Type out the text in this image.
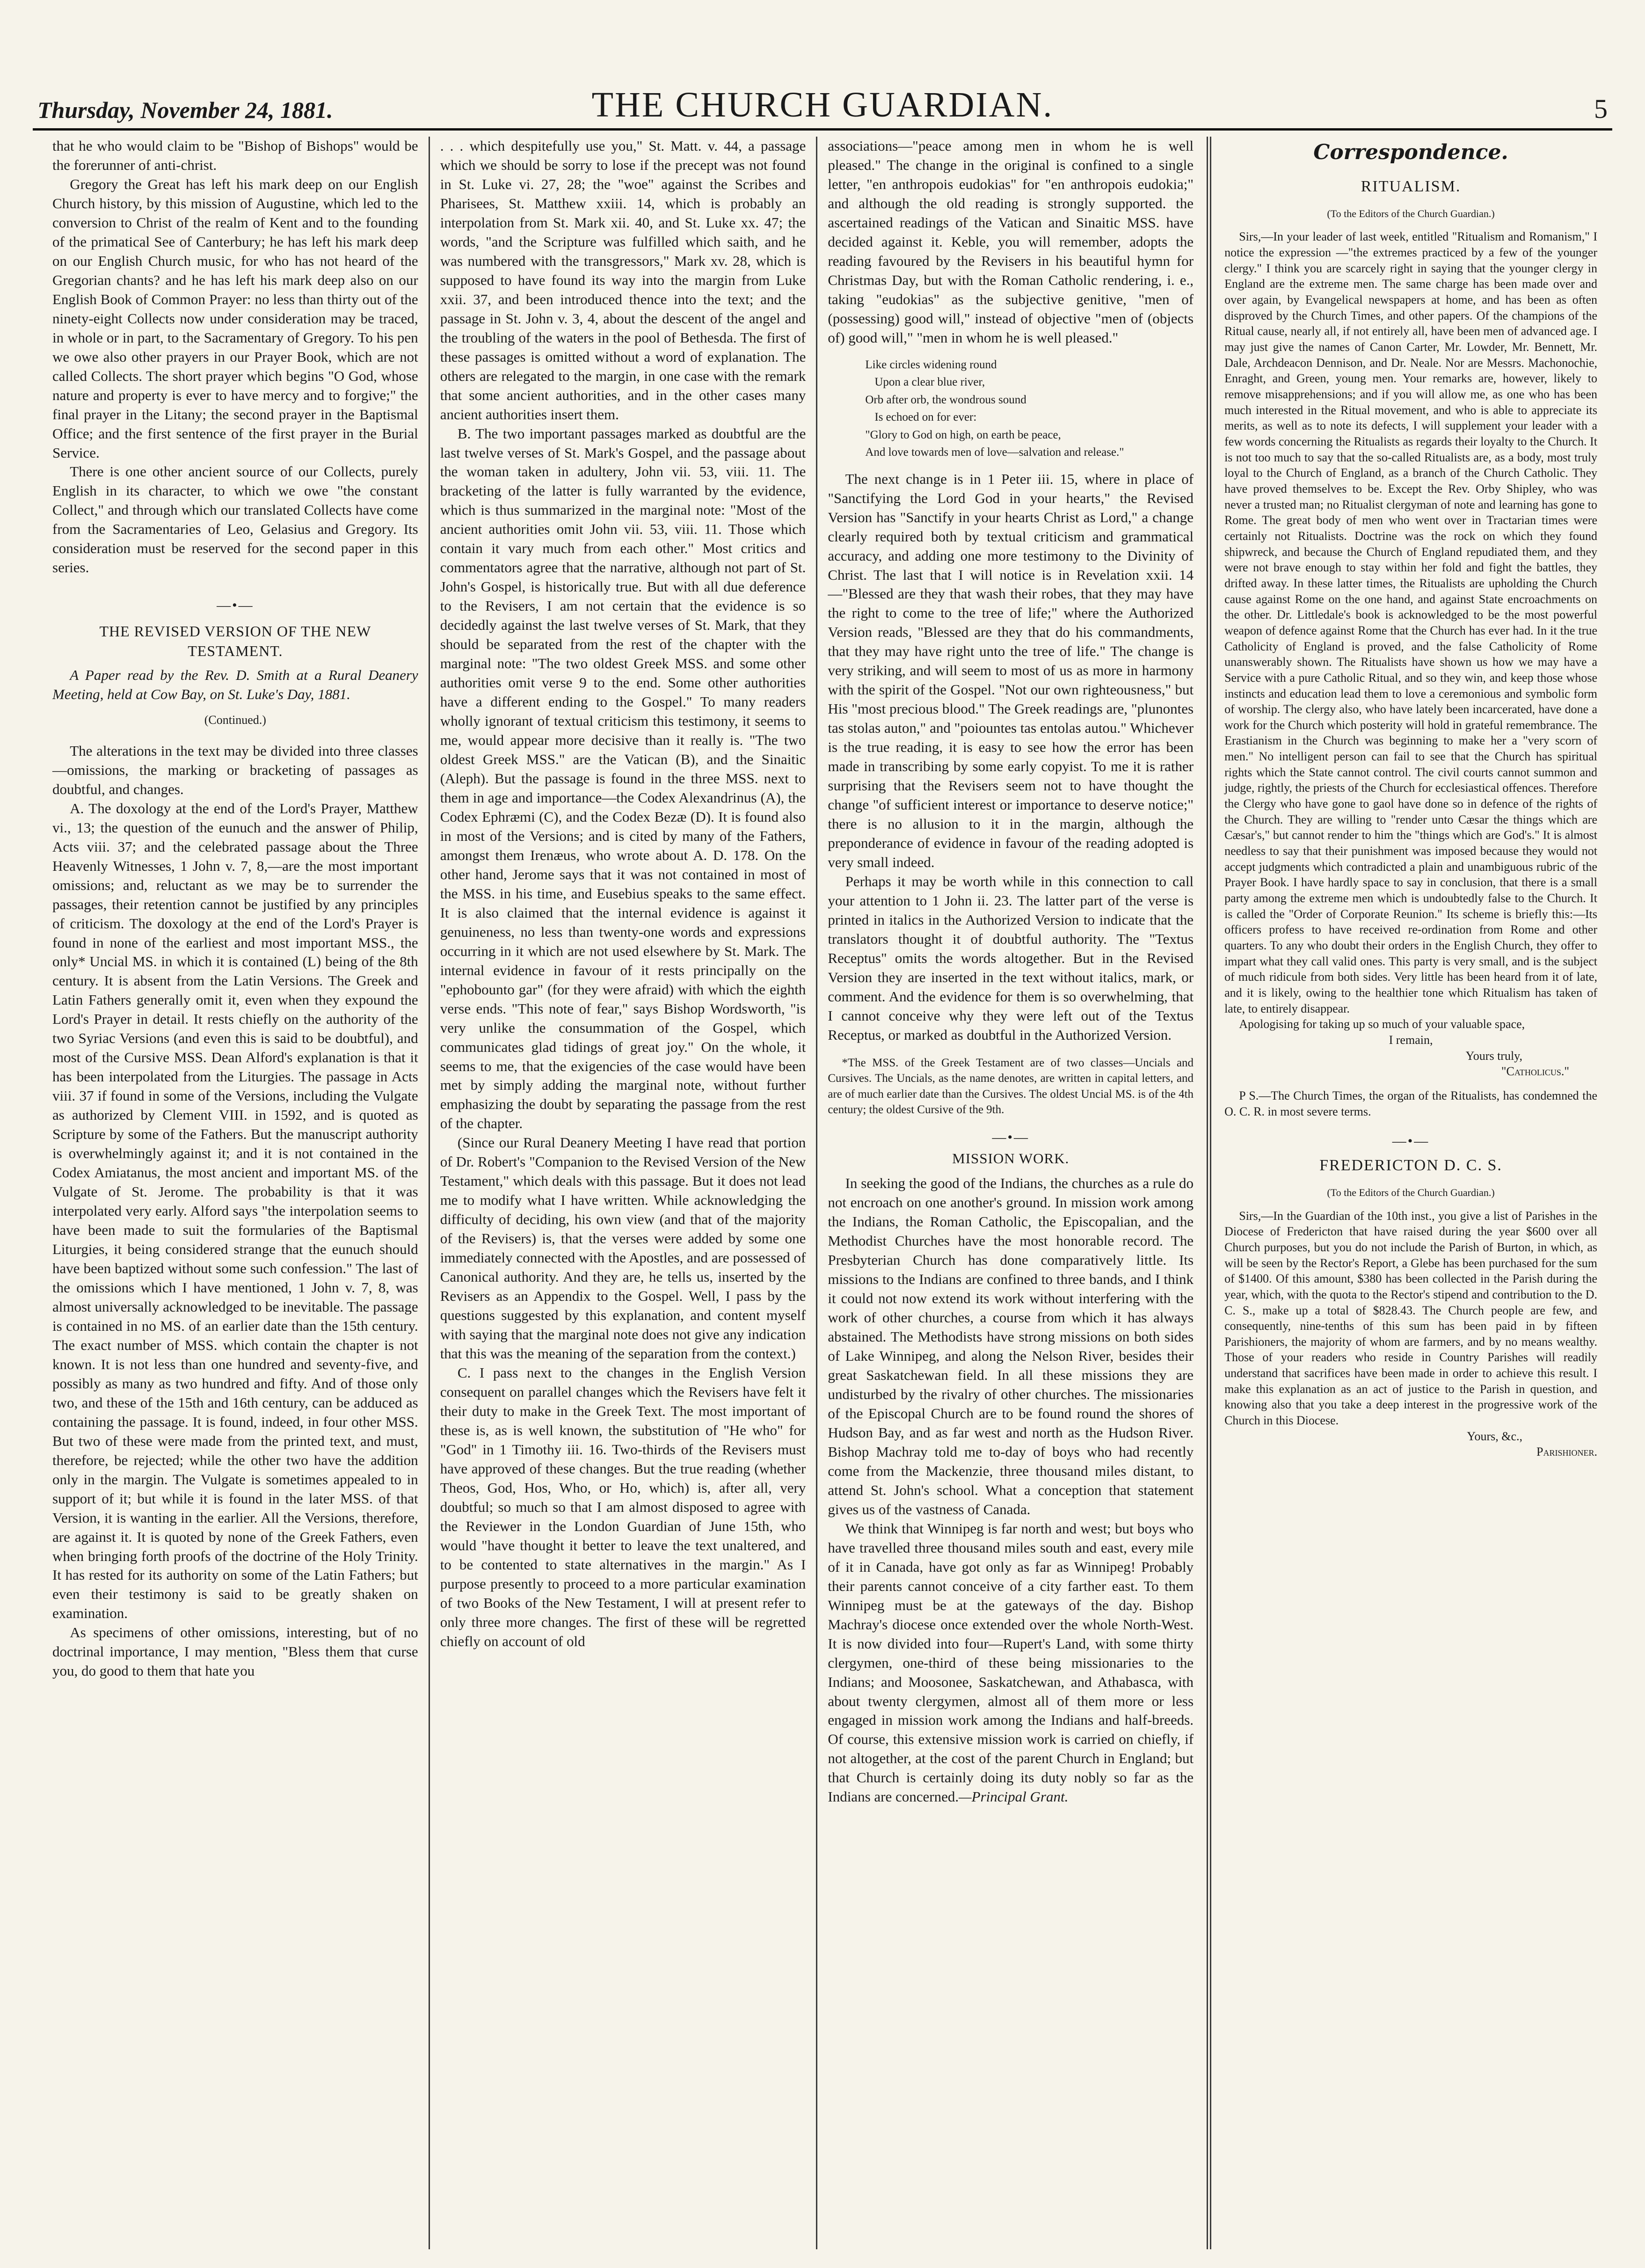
Thursday, November 24, 1881.	THE CHURCH GUARDIAN.	5

that he who would claim to be "Bishop of Bishops" would be the forerunner of anti-christ.

Gregory the Great has left his mark deep on our English Church history, by this mission of Augustine, which led to the conversion to Christ of the realm of Kent and to the founding of the primatical See of Canterbury; he has left his mark deep on our English Church music, for who has not heard of the Gregorian chants? and he has left his mark deep also on our English Book of Common Prayer: no less than thirty out of the ninety-eight Collects now under consideration may be traced, in whole or in part, to the Sacramentary of Gregory. To his pen we owe also other prayers in our Prayer Book, which are not called Collects. The short prayer which begins "O God, whose nature and property is ever to have mercy and to forgive;" the final prayer in the Litany; the second prayer in the Baptismal Office; and the first sentence of the first prayer in the Burial Service.

There is one other ancient source of our Collects, purely English in its character, to which we owe "the constant Collect," and through which our translated Collects have come from the Sacramentaries of Leo, Gelasius and Gregory. Its consideration must be reserved for the second paper in this series.

—•—
THE REVISED VERSION OF THE NEW TESTAMENT.
A Paper read by the Rev. D. Smith at a Rural Deanery Meeting, held at Cow Bay, on St. Luke's Day, 1881.
(Continued.)

The alterations in the text may be divided into three classes—omissions, the marking or bracketing of passages as doubtful, and changes.

A. The doxology at the end of the Lord's Prayer, Matthew vi., 13; the question of the eunuch and the answer of Philip, Acts viii. 37; and the celebrated passage about the Three Heavenly Witnesses, 1 John v. 7, 8,—are the most important omissions; and, reluctant as we may be to surrender the passages, their retention cannot be justified by any principles of criticism. The doxology at the end of the Lord's Prayer is found in none of the earliest and most important MSS., the only* Uncial MS. in which it is contained (L) being of the 8th century. It is absent from the Latin Versions. The Greek and Latin Fathers generally omit it, even when they expound the Lord's Prayer in detail. It rests chiefly on the authority of the two Syriac Versions (and even this is said to be doubtful), and most of the Cursive MSS. Dean Alford's explanation is that it has been interpolated from the Liturgies. The passage in Acts viii. 37 if found in some of the Versions, including the Vulgate as authorized by Clement VIII. in 1592, and is quoted as Scripture by some of the Fathers. But the manuscript authority is overwhelmingly against it; and it is not contained in the Codex Amiatanus, the most ancient and important MS. of the Vulgate of St. Jerome. The probability is that it was interpolated very early. Alford says "the interpolation seems to have been made to suit the formularies of the Baptismal Liturgies, it being considered strange that the eunuch should have been baptized without some such confession." The last of the omissions which I have mentioned, 1 John v. 7, 8, was almost universally acknowledged to be inevitable. The passage is contained in no MS. of an earlier date than the 15th century. The exact number of MSS. which contain the chapter is not known. It is not less than one hundred and seventy-five, and possibly as many as two hundred and fifty. And of those only two, and these of the 15th and 16th century, can be adduced as containing the passage. It is found, indeed, in four other MSS. But two of these were made from the printed text, and must, therefore, be rejected; while the other two have the addition only in the margin. The Vulgate is sometimes appealed to in support of it; but while it is found in the later MSS. of that Version, it is wanting in the earlier. All the Versions, therefore, are against it. It is quoted by none of the Greek Fathers, even when bringing forth proofs of the doctrine of the Holy Trinity. It has rested for its authority on some of the Latin Fathers; but even their testimony is said to be greatly shaken on examination.

As specimens of other omissions, interesting, but of no doctrinal importance, I may mention, "Bless them that curse you, do good to them that hate you

. . . which despitefully use you," St. Matt. v. 44, a passage which we should be sorry to lose if the precept was not found in St. Luke vi. 27, 28; the "woe" against the Scribes and Pharisees, St. Matthew xxiii. 14, which is probably an interpolation from St. Mark xii. 40, and St. Luke xx. 47; the words, "and the Scripture was fulfilled which saith, and he was numbered with the transgressors," Mark xv. 28, which is supposed to have found its way into the margin from Luke xxii. 37, and been introduced thence into the text; and the passage in St. John v. 3, 4, about the descent of the angel and the troubling of the waters in the pool of Bethesda. The first of these passages is omitted without a word of explanation. The others are relegated to the margin, in one case with the remark that some ancient authorities, and in the other cases many ancient authorities insert them.

B. The two important passages marked as doubtful are the last twelve verses of St. Mark's Gospel, and the passage about the woman taken in adultery, John vii. 53, viii. 11. The bracketing of the latter is fully warranted by the evidence, which is thus summarized in the marginal note: "Most of the ancient authorities omit John vii. 53, viii. 11. Those which contain it vary much from each other." Most critics and commentators agree that the narrative, although not part of St. John's Gospel, is historically true. But with all due deference to the Revisers, I am not certain that the evidence is so decidedly against the last twelve verses of St. Mark, that they should be separated from the rest of the chapter with the marginal note: "The two oldest Greek MSS. and some other authorities omit verse 9 to the end. Some other authorities have a different ending to the Gospel." To many readers wholly ignorant of textual criticism this testimony, it seems to me, would appear more decisive than it really is. "The two oldest Greek MSS." are the Vatican (B), and the Sinaitic (Aleph). But the passage is found in the three MSS. next to them in age and importance—the Codex Alexandrinus (A), the Codex Ephræmi (C), and the Codex Bezæ (D). It is found also in most of the Versions; and is cited by many of the Fathers, amongst them Irenæus, who wrote about A. D. 178. On the other hand, Jerome says that it was not contained in most of the MSS. in his time, and Eusebius speaks to the same effect. It is also claimed that the internal evidence is against it genuineness, no less than twenty-one words and expressions occurring in it which are not used elsewhere by St. Mark. The internal evidence in favour of it rests principally on the "ephobounto gar" (for they were afraid) with which the eighth verse ends. "This note of fear," says Bishop Wordsworth, "is very unlike the consummation of the Gospel, which communicates glad tidings of great joy." On the whole, it seems to me, that the exigencies of the case would have been met by simply adding the marginal note, without further emphasizing the doubt by separating the passage from the rest of the chapter.

(Since our Rural Deanery Meeting I have read that portion of Dr. Robert's "Companion to the Revised Version of the New Testament," which deals with this passage. But it does not lead me to modify what I have written. While acknowledging the difficulty of deciding, his own view (and that of the majority of the Revisers) is, that the verses were added by some one immediately connected with the Apostles, and are possessed of Canonical authority. And they are, he tells us, inserted by the Revisers as an Appendix to the Gospel. Well, I pass by the questions suggested by this explanation, and content myself with saying that the marginal note does not give any indication that this was the meaning of the separation from the context.)

C. I pass next to the changes in the English Version consequent on parallel changes which the Revisers have felt it their duty to make in the Greek Text. The most important of these is, as is well known, the substitution of "He who" for "God" in 1 Timothy iii. 16. Two-thirds of the Revisers must have approved of these changes. But the true reading (whether Theos, God, Hos, Who, or Ho, which) is, after all, very doubtful; so much so that I am almost disposed to agree with the Reviewer in the London Guardian of June 15th, who would "have thought it better to leave the text unaltered, and to be contented to state alternatives in the margin." As I purpose presently to proceed to a more particular examination of two Books of the New Testament, I will at present refer to only three more changes. The first of these will be regretted chiefly on account of old

associations—"peace among men in whom he is well pleased." The change in the original is confined to a single letter, "en anthropois eudokias" for "en anthropois eudokia;" and although the old reading is strongly supported. the ascertained readings of the Vatican and Sinaitic MSS. have decided against it. Keble, you will remember, adopts the reading favoured by the Revisers in his beautiful hymn for Christmas Day, but with the Roman Catholic rendering, i. e., taking "eudokias" as the subjective genitive, "men of (possessing) good will," instead of objective "men of (objects of) good will," "men in whom he is well pleased."

Like circles widening round
Upon a clear blue river,
Orb after orb, the wondrous sound
Is echoed on for ever:
"Glory to God on high, on earth be peace,
And love towards men of love—salvation and release."

The next change is in 1 Peter iii. 15, where in place of "Sanctifying the Lord God in your hearts," the Revised Version has "Sanctify in your hearts Christ as Lord," a change clearly required both by textual criticism and grammatical accuracy, and adding one more testimony to the Divinity of Christ. The last that I will notice is in Revelation xxii. 14—"Blessed are they that wash their robes, that they may have the right to come to the tree of life;" where the Authorized Version reads, "Blessed are they that do his commandments, that they may have right unto the tree of life." The change is very striking, and will seem to most of us as more in harmony with the spirit of the Gospel. "Not our own righteousness," but His "most precious blood." The Greek readings are, "plunontes tas stolas auton," and "poiountes tas entolas autou." Whichever is the true reading, it is easy to see how the error has been made in transcribing by some early copyist. To me it is rather surprising that the Revisers seem not to have thought the change "of sufficient interest or importance to deserve notice;" there is no allusion to it in the margin, although the preponderance of evidence in favour of the reading adopted is very small indeed.

Perhaps it may be worth while in this connection to call your attention to 1 John ii. 23. The latter part of the verse is printed in italics in the Authorized Version to indicate that the translators thought it of doubtful authority. The "Textus Receptus" omits the words altogether. But in the Revised Version they are inserted in the text without italics, mark, or comment. And the evidence for them is so overwhelming, that I cannot conceive why they were left out of the Textus Receptus, or marked as doubtful in the Authorized Version.

*The MSS. of the Greek Testament are of two classes—Uncials and Cursives. The Uncials, as the name denotes, are written in capital letters, and are of much earlier date than the Cursives. The oldest Uncial MS. is of the 4th century; the oldest Cursive of the 9th.
—•—
MISSION WORK.

In seeking the good of the Indians, the churches as a rule do not encroach on one another's ground. In mission work among the Indians, the Roman Catholic, the Episcopalian, and the Methodist Churches have the most honorable record. The Presbyterian Church has done comparatively little. Its missions to the Indians are confined to three bands, and I think it could not now extend its work without interfering with the work of other churches, a course from which it has always abstained. The Methodists have strong missions on both sides of Lake Winnipeg, and along the Nelson River, besides their great Saskatchewan field. In all these missions they are undisturbed by the rivalry of other churches. The missionaries of the Episcopal Church are to be found round the shores of Hudson Bay, and as far west and north as the Hudson River. Bishop Machray told me to-day of boys who had recently come from the Mackenzie, three thousand miles distant, to attend St. John's school. What a conception that statement gives us of the vastness of Canada.

We think that Winnipeg is far north and west; but boys who have travelled three thousand miles south and east, every mile of it in Canada, have got only as far as Winnipeg! Probably their parents cannot conceive of a city farther east. To them Winnipeg must be at the gateways of the day. Bishop Machray's diocese once extended over the whole North-West. It is now divided into four—Rupert's Land, with some thirty clergymen, one-third of these being missionaries to the Indians; and Moosonee, Saskatchewan, and Athabasca, with about twenty clergymen, almost all of them more or less engaged in mission work among the Indians and half-breeds. Of course, this extensive mission work is carried on chiefly, if not altogether, at the cost of the parent Church in England; but that Church is certainly doing its duty nobly so far as the Indians are concerned.—Principal Grant.

Correspondence.
RITUALISM.
(To the Editors of the Church Guardian.)

Sirs,—In your leader of last week, entitled "Ritualism and Romanism," I notice the expression —"the extremes practiced by a few of the younger clergy." I think you are scarcely right in saying that the younger clergy in England are the extreme men. The same charge has been made over and over again, by Evangelical newspapers at home, and has been as often disproved by the Church Times, and other papers. Of the champions of the Ritual cause, nearly all, if not entirely all, have been men of advanced age. I may just give the names of Canon Carter, Mr. Lowder, Mr. Bennett, Mr. Dale, Archdeacon Dennison, and Dr. Neale. Nor are Messrs. Machonochie, Enraght, and Green, young men. Your remarks are, however, likely to remove misapprehensions; and if you will allow me, as one who has been much interested in the Ritual movement, and who is able to appreciate its merits, as well as to note its defects, I will supplement your leader with a few words concerning the Ritualists as regards their loyalty to the Church. It is not too much to say that the so-called Ritualists are, as a body, most truly loyal to the Church of England, as a branch of the Church Catholic. They have proved themselves to be. Except the Rev. Orby Shipley, who was never a trusted man; no Ritualist clergyman of note and learning has gone to Rome. The great body of men who went over in Tractarian times were certainly not Ritualists. Doctrine was the rock on which they found shipwreck, and because the Church of England repudiated them, and they were not brave enough to stay within her fold and fight the battles, they drifted away. In these latter times, the Ritualists are upholding the Church cause against Rome on the one hand, and against State encroachments on the other. Dr. Littledale's book is acknowledged to be the most powerful weapon of defence against Rome that the Church has ever had. In it the true Catholicity of England is proved, and the false Catholicity of Rome unanswerably shown. The Ritualists have shown us how we may have a Service with a pure Catholic Ritual, and so they win, and keep those whose instincts and education lead them to love a ceremonious and symbolic form of worship. The clergy also, who have lately been incarcerated, have done a work for the Church which posterity will hold in grateful remembrance. The Erastianism in the Church was beginning to make her a "very scorn of men." No intelligent person can fail to see that the Church has spiritual rights which the State cannot control. The civil courts cannot summon and judge, rightly, the priests of the Church for ecclesiastical offences. Therefore the Clergy who have gone to gaol have done so in defence of the rights of the Church. They are willing to "render unto Cæsar the things which are Cæsar's," but cannot render to him the "things which are God's." It is almost needless to say that their punishment was imposed because they would not accept judgments which contradicted a plain and unambiguous rubric of the Prayer Book. I have hardly space to say in conclusion, that there is a small party among the extreme men which is undoubtedly false to the Church. It is called the "Order of Corporate Reunion." Its scheme is briefly this:—Its officers profess to have received re-ordination from Rome and other quarters. To any who doubt their orders in the English Church, they offer to impart what they call valid ones. This party is very small, and is the subject of much ridicule from both sides. Very little has been heard from it of late, and it is likely, owing to the healthier tone which Ritualism has taken of late, to entirely disappear.

Apologising for taking up so much of your valuable space,

I remain,

Yours truly,

"Catholicus."

P S.—The Church Times, the organ of the Ritualists, has condemned the O. C. R. in most severe terms.

—•—
FREDERICTON D. C. S.
(To the Editors of the Church Guardian.)

Sirs,—In the Guardian of the 10th inst., you give a list of Parishes in the Diocese of Fredericton that have raised during the year $600 over all Church purposes, but you do not include the Parish of Burton, in which, as will be seen by the Rector's Report, a Glebe has been purchased for the sum of $1400. Of this amount, $380 has been collected in the Parish during the year, which, with the quota to the Rector's stipend and contribution to the D. C. S., make up a total of $828.43. The Church people are few, and consequently, nine-tenths of this sum has been paid in by fifteen Parishioners, the majority of whom are farmers, and by no means wealthy. Those of your readers who reside in Country Parishes will readily understand that sacrifices have been made in order to achieve this result. I make this explanation as an act of justice to the Parish in question, and knowing also that you take a deep interest in the progressive work of the Church in this Diocese.

Yours, &c.,

Parishioner.
